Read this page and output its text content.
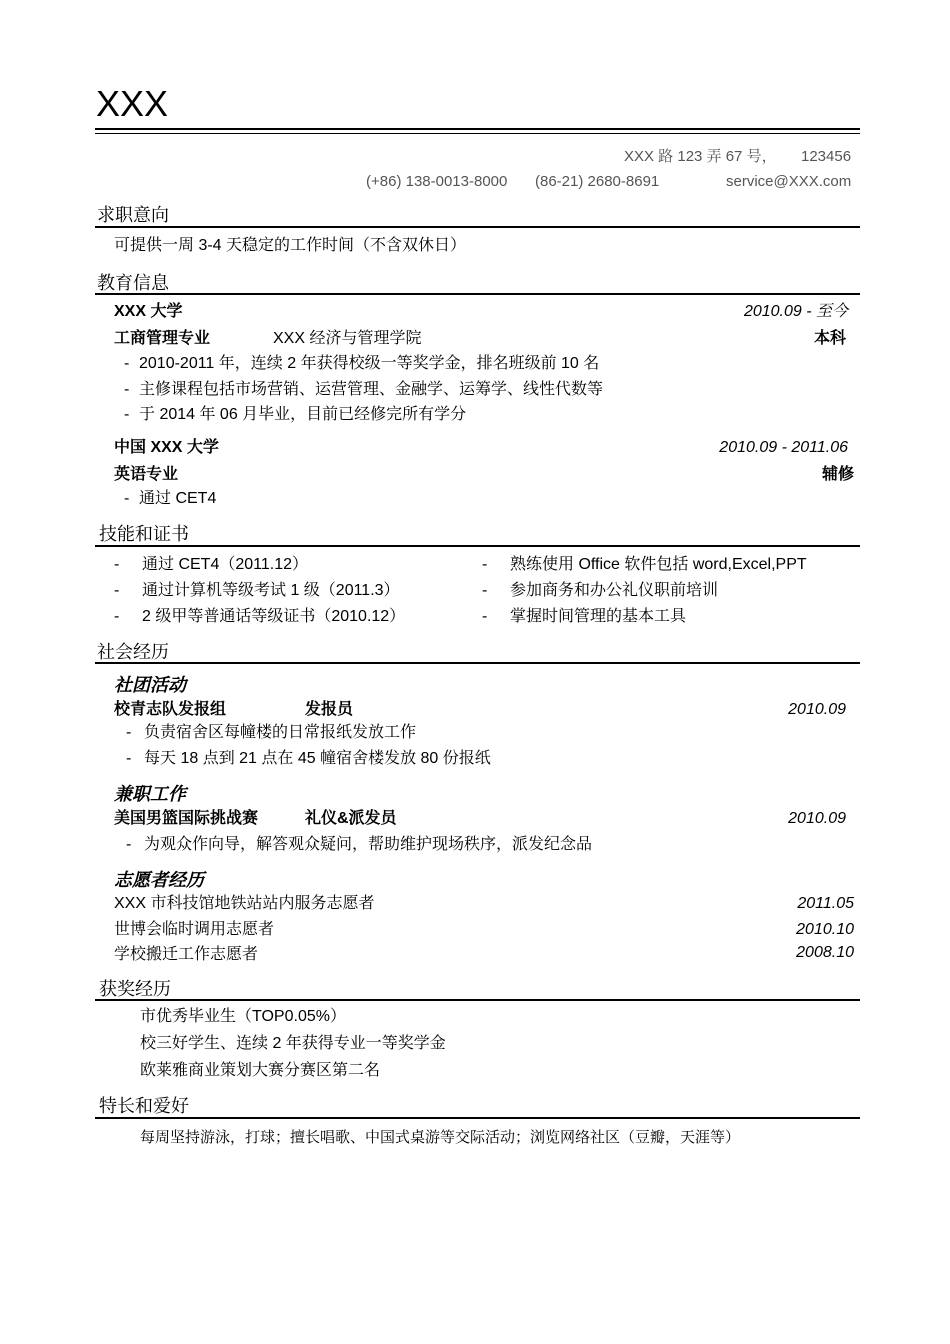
XXX
XXX 路 123 弄 67 号， 123456
(+86) 138-0013-8000 (86-21) 2680-8691	service@XXX.com
求职意向
可提供一周 3-4 天稳定的工作时间（不含双休日）
教育信息
XXX 大学	2010.09 - 至今
工商管理专业	XXX 经济与管理学院	本科
- 2010-2011 年，连续 2 年获得校级一等奖学金，排名班级前 10 名
- 主修课程包括市场营销、运营管理、金融学、运筹学、线性代数等
- 于 2014 年 06 月毕业，目前已经修完所有学分
中国 XXX 大学	2010.09 - 2011.06
英语专业	辅修
- 通过 CET4
技能和证书
- 通过 CET4（2011.12）
- 通过计算机等级考试 1 级（2011.3）
- 2 级甲等普通话等级证书（2010.12）
- 熟练使用 Office 软件包括 word,Excel,PPT
- 参加商务和办公礼仪职前培训
- 掌握时间管理的基本工具
社会经历
社团活动
校青志队发报组	发报员	2010.09
- 负责宿舍区每幢楼的日常报纸发放工作
- 每天 18 点到 21 点在 45 幢宿舍楼发放 80 份报纸
兼职工作
美国男篮国际挑战赛	礼仪&派发员	2010.09
- 为观众作向导，解答观众疑问，帮助维护现场秩序，派发纪念品
志愿者经历
XXX 市科技馆地铁站站内服务志愿者	2011.05
世博会临时调用志愿者	2010.10
学校搬迁工作志愿者	2008.10
获奖经历
市优秀毕业生（TOP0.05%）
校三好学生、连续 2 年获得专业一等奖学金
欧莱雅商业策划大赛分赛区第二名
特长和爱好
每周坚持游泳，打球；擅长唱歌、中国式桌游等交际活动；浏览网络社区（豆瓣，天涯等）
